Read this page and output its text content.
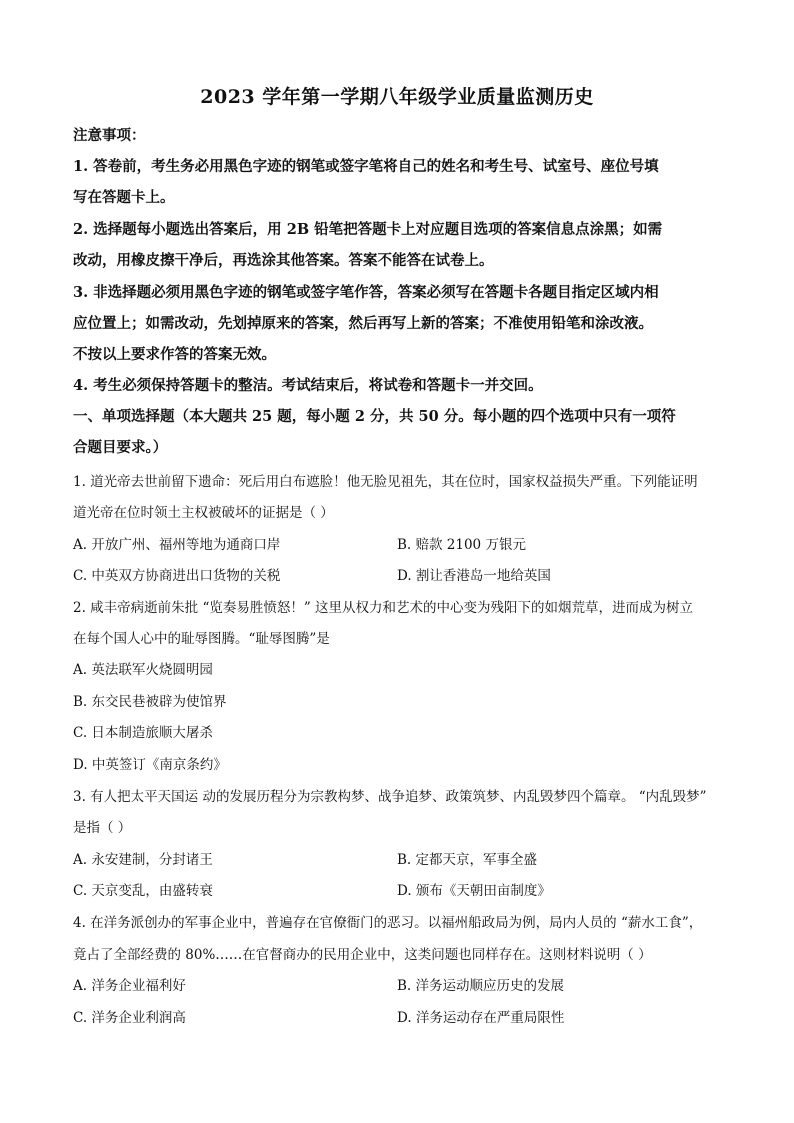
2023 学年第一学期八年级学业质量监测历史
注意事项：
1. 答卷前，考生务必用黑色字迹的钢笔或签字笔将自己的姓名和考生号、试室号、座位号填
写在答题卡上。
2. 选择题每小题选出答案后，用 2B 铅笔把答题卡上对应题目选项的答案信息点涂黑；如需
改动，用橡皮擦干净后，再选涂其他答案。答案不能答在试卷上。
3. 非选择题必须用黑色字迹的钢笔或签字笔作答，答案必须写在答题卡各题目指定区域内相
应位置上；如需改动，先划掉原来的答案，然后再写上新的答案；不准使用铅笔和涂改液。
不按以上要求作答的答案无效。
4. 考生必须保持答题卡的整洁。考试结束后，将试卷和答题卡一并交回。
一、单项选择题（本大题共 25 题，每小题 2 分，共 50 分。每小题的四个选项中只有一项符
合题目要求。）
1. 道光帝去世前留下遗命：死后用白布遮脸！他无脸见祖先，其在位时，国家权益损失严重。下列能证明
道光帝在位时领土主权被破坏的证据是（ ）
A. 开放广州、福州等地为通商口岸	B. 赔款 2100 万银元
C. 中英双方协商进出口货物的关税	D. 割让香港岛一地给英国
2. 咸丰帝病逝前朱批 “览奏易胜愤怒！” 这里从权力和艺术的中心变为残阳下的如烟荒草，进而成为树立
在每个国人心中的耻辱图腾。“耻辱图腾”是
A. 英法联军火烧圆明园
B. 东交民巷被辟为使馆界
C. 日本制造旅顺大屠杀
D. 中英签订《南京条约》
3. 有人把太平天国运 动的发展历程分为宗教构梦、战争追梦、政策筑梦、内乱毁梦四个篇章。 “内乱毁梦”
是指（ ）
A. 永安建制，分封诸王	B. 定都天京，军事全盛
C. 天京变乱，由盛转衰	D. 颁布《天朝田亩制度》
4. 在洋务派创办的军事企业中，普遍存在官僚衙门的恶习。以福州船政局为例，局内人员的 “薪水工食”，
竟占了全部经费的 80%……在官督商办的民用企业中，这类问题也同样存在。这则材料说明（ ）
A. 洋务企业福利好	B. 洋务运动顺应历史的发展
C. 洋务企业利润高	D. 洋务运动存在严重局限性
